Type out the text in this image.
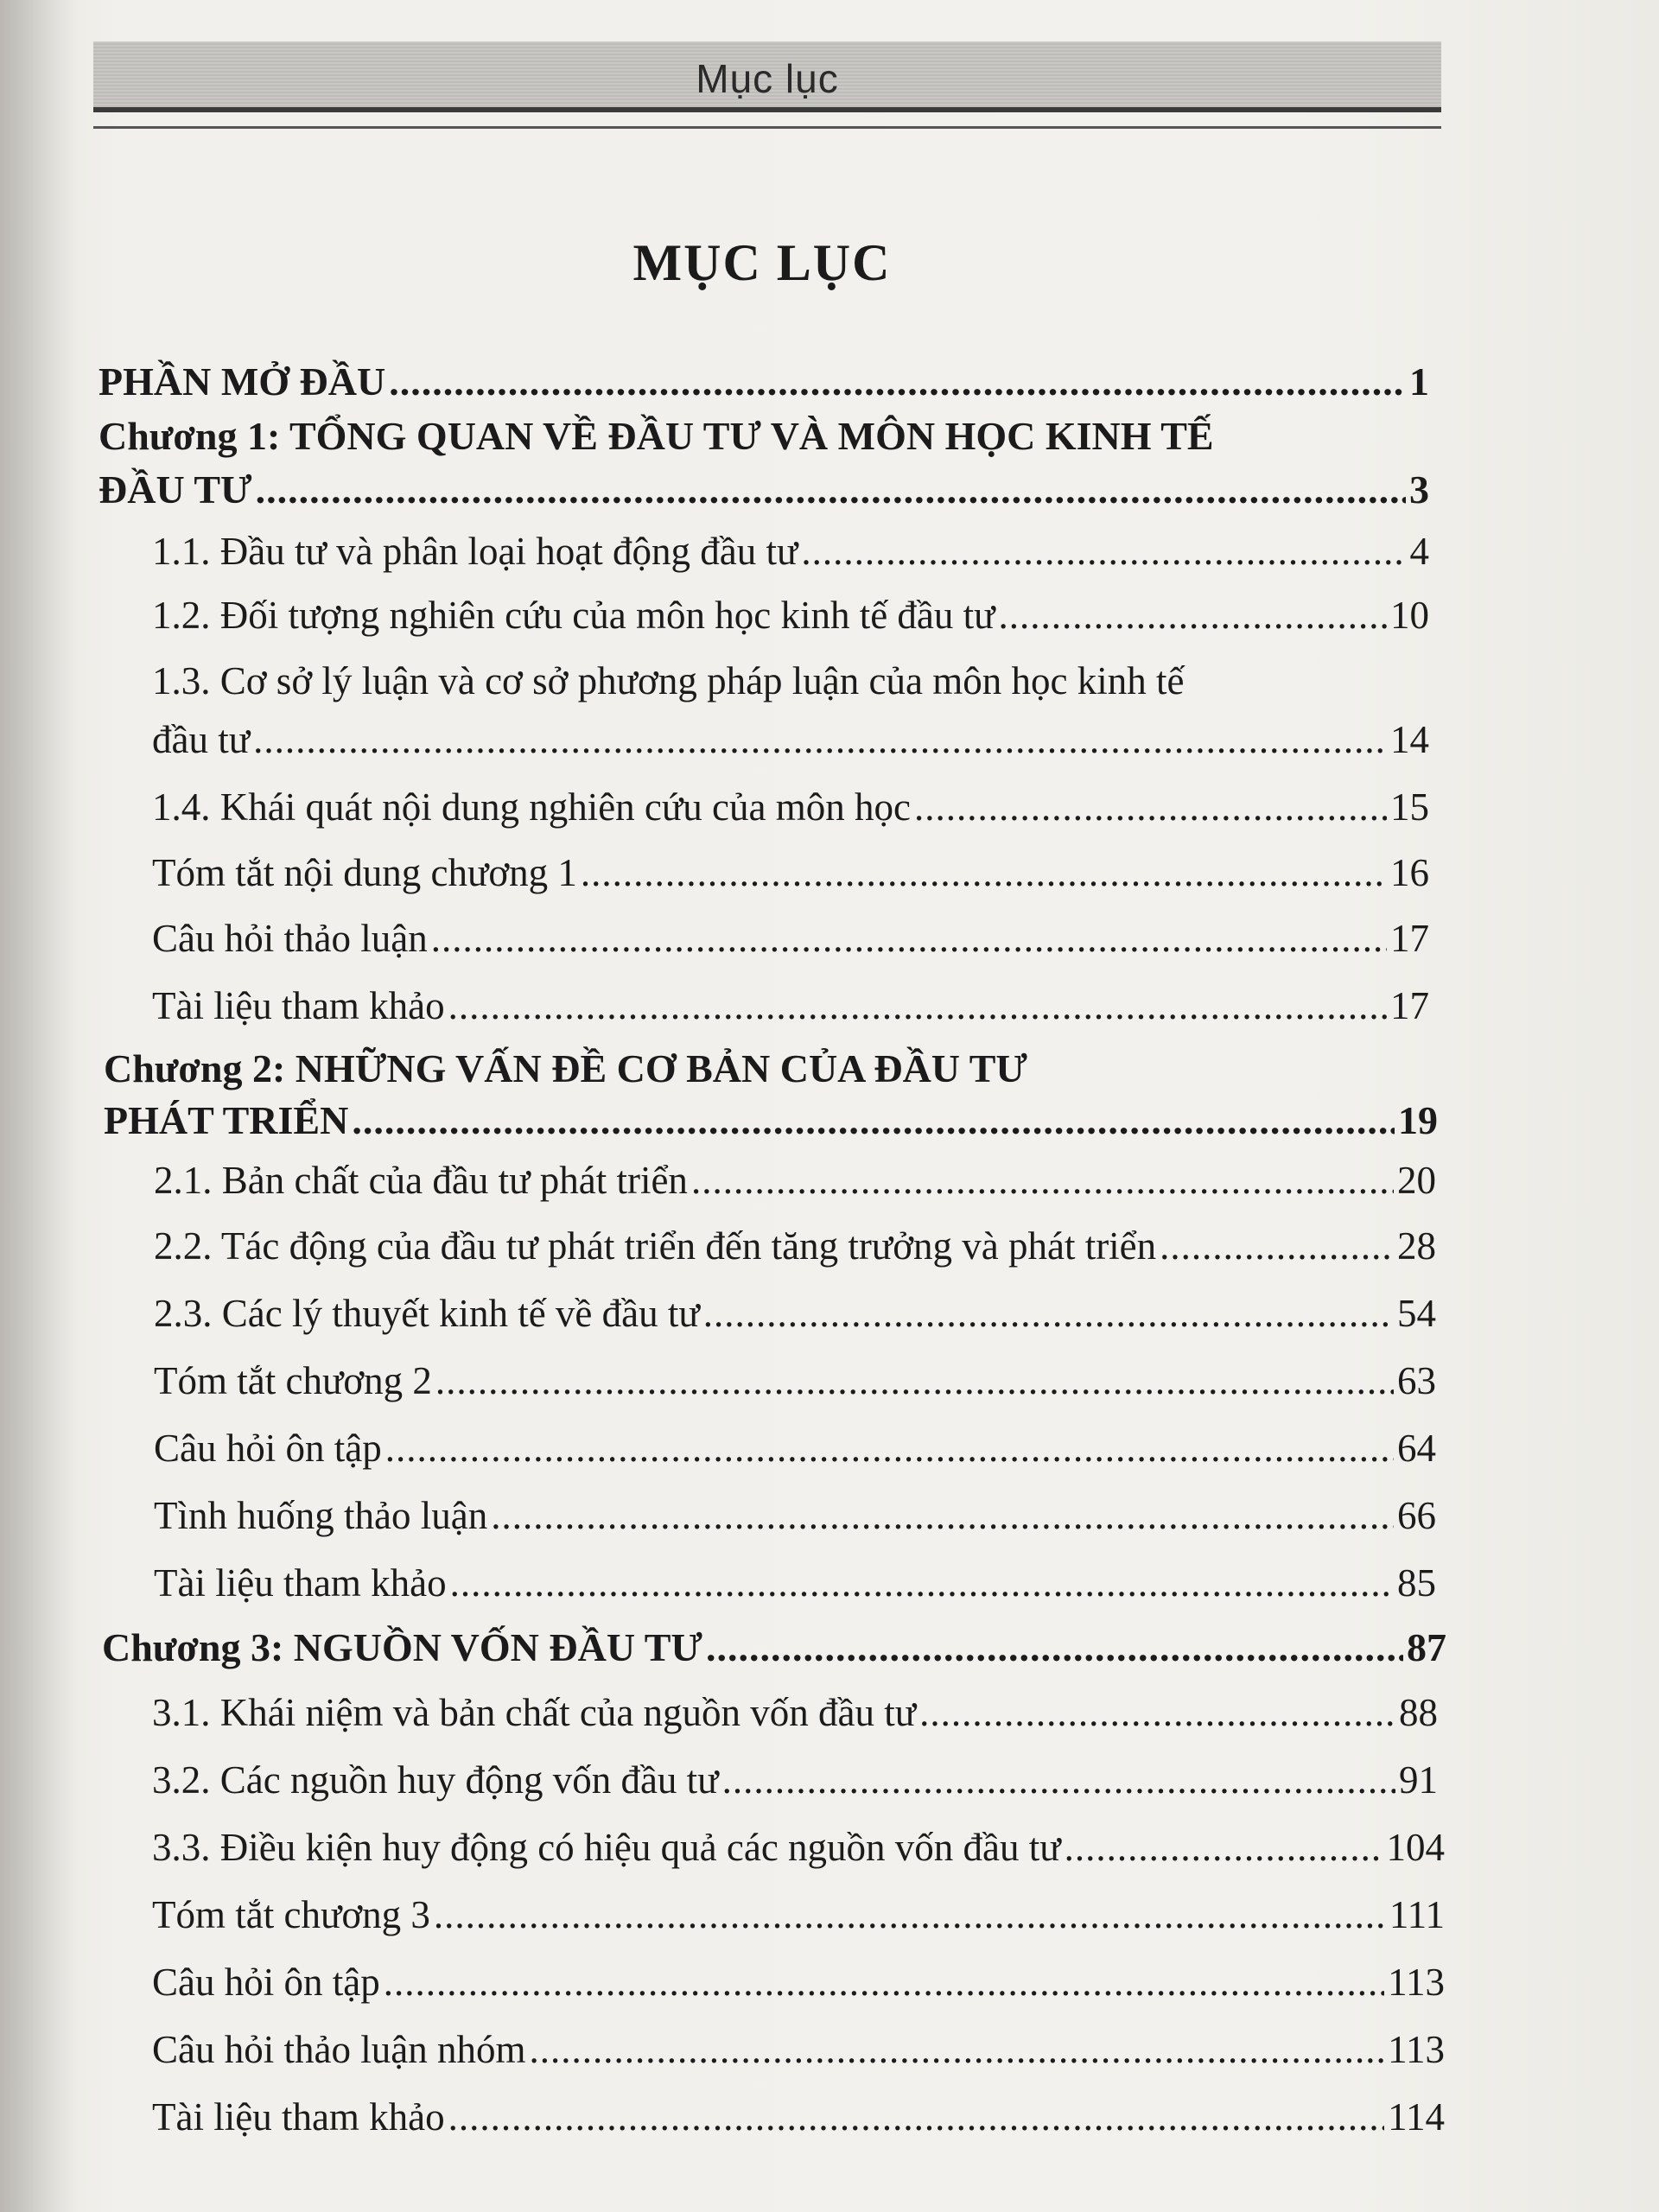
Mục lục
MỤC LỤC
PHẦN MỞ ĐẦU .....	1
Chương 1: TỔNG QUAN VỀ ĐẦU TƯ VÀ MÔN HỌC KINH TẾ
ĐẦU TƯ .....	3
1.1. Đầu tư và phân loại hoạt động đầu tư .....	4
1.2. Đối tượng nghiên cứu của môn học kinh tế đầu tư .....	10
1.3. Cơ sở lý luận và cơ sở phương pháp luận của môn học kinh tế
đầu tư .....	14
1.4. Khái quát nội dung nghiên cứu của môn học .....	15
Tóm tắt nội dung chương 1 .....	16
Câu hỏi thảo luận .....	17
Tài liệu tham khảo .....	17
Chương 2: NHỮNG VẤN ĐỀ CƠ BẢN CỦA ĐẦU TƯ
PHÁT TRIỂN .....	19
2.1. Bản chất của đầu tư phát triển .....	20
2.2. Tác động của đầu tư phát triển đến tăng trưởng và phát triển .....	28
2.3. Các lý thuyết kinh tế về đầu tư .....	54
Tóm tắt chương 2 .....	63
Câu hỏi ôn tập .....	64
Tình huống thảo luận .....	66
Tài liệu tham khảo .....	85
Chương 3: NGUỒN VỐN ĐẦU TƯ .....	87
3.1. Khái niệm và bản chất của nguồn vốn đầu tư .....	88
3.2. Các nguồn huy động vốn đầu tư .....	91
3.3. Điều kiện huy động có hiệu quả các nguồn vốn đầu tư .....	104
Tóm tắt chương 3 .....	111
Câu hỏi ôn tập .....	113
Câu hỏi thảo luận nhóm .....	113
Tài liệu tham khảo .....	114
